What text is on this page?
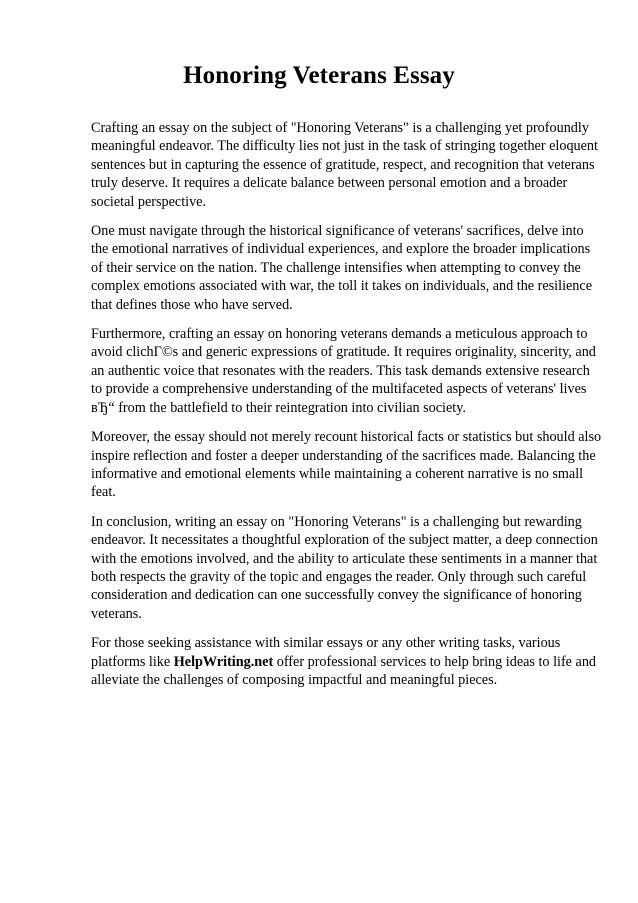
Honoring Veterans Essay

Crafting an essay on the subject of "Honoring Veterans" is a challenging yet profoundly meaningful endeavor. The difficulty lies not just in the task of stringing together eloquent sentences but in capturing the essence of gratitude, respect, and recognition that veterans truly deserve. It requires a delicate balance between personal emotion and a broader societal perspective.

One must navigate through the historical significance of veterans' sacrifices, delve into the emotional narratives of individual experiences, and explore the broader implications of their service on the nation. The challenge intensifies when attempting to convey the complex emotions associated with war, the toll it takes on individuals, and the resilience that defines those who have served.

Furthermore, crafting an essay on honoring veterans demands a meticulous approach to avoid clichГ©s and generic expressions of gratitude. It requires originality, sincerity, and an authentic voice that resonates with the readers. This task demands extensive research to provide a comprehensive understanding of the multifaceted aspects of veterans' lives вЂ“ from the battlefield to their reintegration into civilian society.

Moreover, the essay should not merely recount historical facts or statistics but should also inspire reflection and foster a deeper understanding of the sacrifices made. Balancing the informative and emotional elements while maintaining a coherent narrative is no small feat.

In conclusion, writing an essay on "Honoring Veterans" is a challenging but rewarding endeavor. It necessitates a thoughtful exploration of the subject matter, a deep connection with the emotions involved, and the ability to articulate these sentiments in a manner that both respects the gravity of the topic and engages the reader. Only through such careful consideration and dedication can one successfully convey the significance of honoring veterans.

For those seeking assistance with similar essays or any other writing tasks, various platforms like HelpWriting.net offer professional services to help bring ideas to life and alleviate the challenges of composing impactful and meaningful pieces.
